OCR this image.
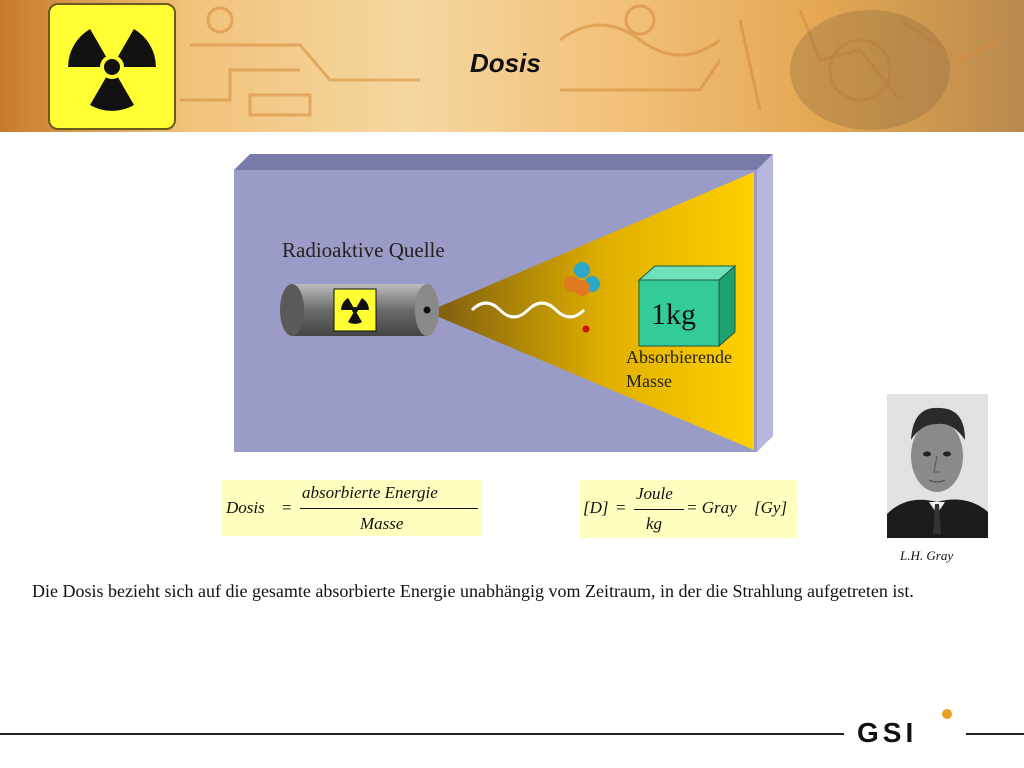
Dosis
Radioaktive Quelle
1kg
Absorbierende
Masse
Dosis =
absorbierte Energie
Masse
[D] =
Joule
kg
= Gray [Gy]
L.H. Gray
Die Dosis bezieht sich auf die gesamte absorbierte Energie unabhängig vom Zeitraum, in der die Strahlung aufgetreten ist.
GSI
